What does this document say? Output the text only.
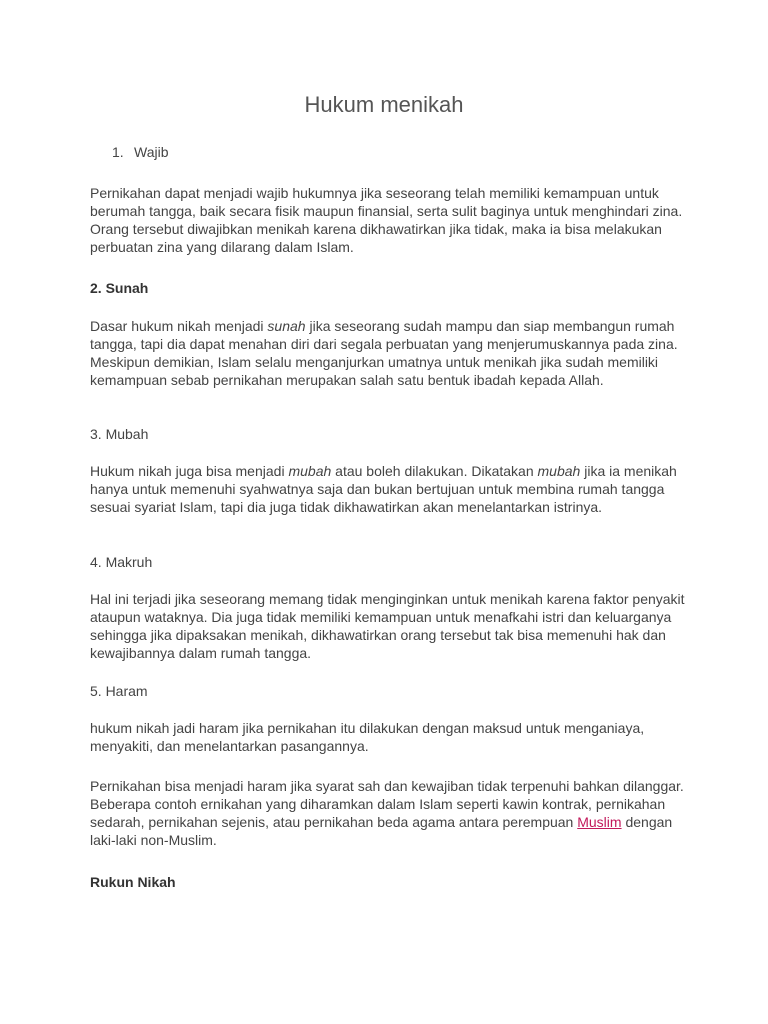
Hukum menikah
1. Wajib

Pernikahan dapat menjadi wajib hukumnya jika seseorang telah memiliki kemampuan untuk berumah tangga, baik secara fisik maupun finansial, serta sulit baginya untuk menghindari zina. Orang tersebut diwajibkan menikah karena dikhawatirkan jika tidak, maka ia bisa melakukan perbuatan zina yang dilarang dalam Islam.

2. Sunah

Dasar hukum nikah menjadi sunah jika seseorang sudah mampu dan siap membangun rumah tangga, tapi dia dapat menahan diri dari segala perbuatan yang menjerumuskannya pada zina. Meskipun demikian, Islam selalu menganjurkan umatnya untuk menikah jika sudah memiliki kemampuan sebab pernikahan merupakan salah satu bentuk ibadah kepada Allah.

3. Mubah

Hukum nikah juga bisa menjadi mubah atau boleh dilakukan. Dikatakan mubah jika ia menikah hanya untuk memenuhi syahwatnya saja dan bukan bertujuan untuk membina rumah tangga sesuai syariat Islam, tapi dia juga tidak dikhawatirkan akan menelantarkan istrinya.

4. Makruh

Hal ini terjadi jika seseorang memang tidak menginginkan untuk menikah karena faktor penyakit ataupun wataknya. Dia juga tidak memiliki kemampuan untuk menafkahi istri dan keluarganya sehingga jika dipaksakan menikah, dikhawatirkan orang tersebut tak bisa memenuhi hak dan kewajibannya dalam rumah tangga.

5. Haram

hukum nikah jadi haram jika pernikahan itu dilakukan dengan maksud untuk menganiaya, menyakiti, dan menelantarkan pasangannya.

Pernikahan bisa menjadi haram jika syarat sah dan kewajiban tidak terpenuhi bahkan dilanggar. Beberapa contoh ernikahan yang diharamkan dalam Islam seperti kawin kontrak, pernikahan sedarah, pernikahan sejenis, atau pernikahan beda agama antara perempuan Muslim dengan laki-laki non-Muslim.

Rukun Nikah
